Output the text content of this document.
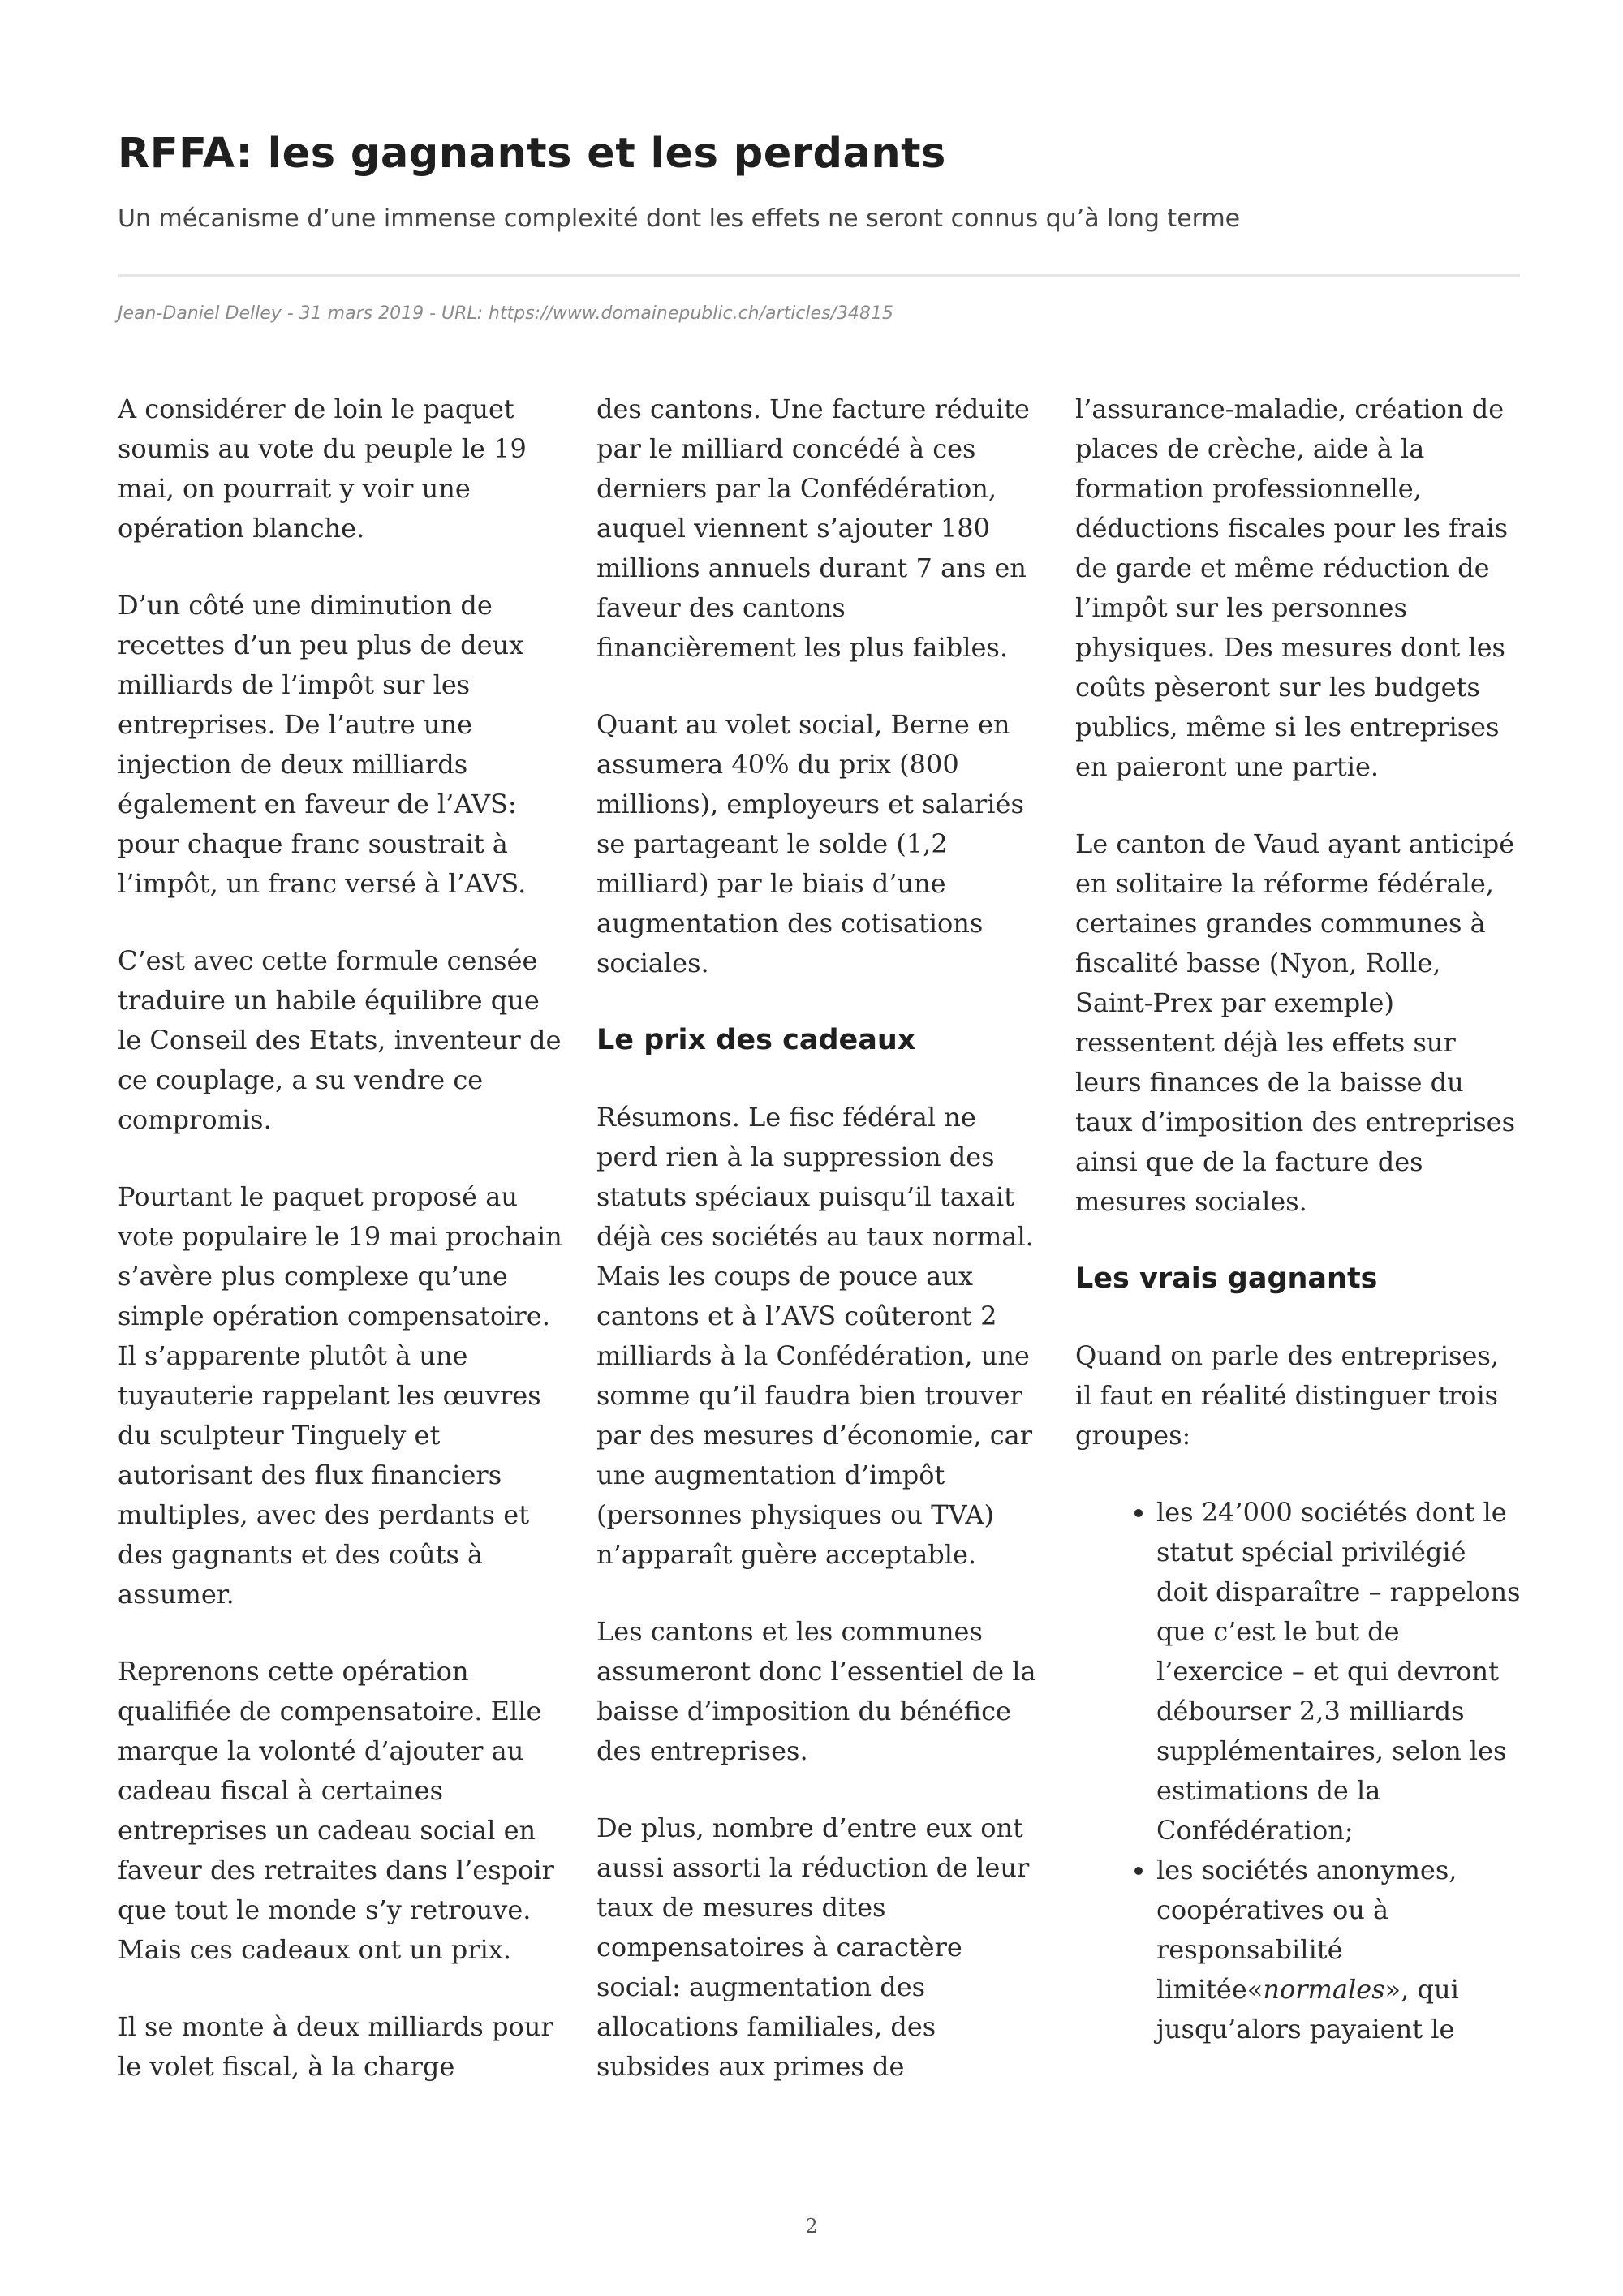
RFFA: les gagnants et les perdants

Un mécanisme d’une immense complexité dont les effets ne seront connus qu’à long terme

Jean-Daniel Delley - 31 mars 2019 - URL: https://www.domainepublic.ch/articles/34815

A considérer de loin le paquet soumis au vote du peuple le 19 mai, on pourrait y voir une opération blanche.

D’un côté une diminution de recettes d’un peu plus de deux milliards de l’impôt sur les entreprises. De l’autre une injection de deux milliards également en faveur de l’AVS: pour chaque franc soustrait à l’impôt, un franc versé à l’AVS.

C’est avec cette formule censée traduire un habile équilibre que le Conseil des Etats, inventeur de ce couplage, a su vendre ce compromis.

Pourtant le paquet proposé au vote populaire le 19 mai prochain s’avère plus complexe qu’une simple opération compensatoire. Il s’apparente plutôt à une tuyauterie rappelant les œuvres du sculpteur Tinguely et autorisant des flux financiers multiples, avec des perdants et des gagnants et des coûts à assumer.

Reprenons cette opération qualifiée de compensatoire. Elle marque la volonté d’ajouter au cadeau fiscal à certaines entreprises un cadeau social en faveur des retraites dans l’espoir que tout le monde s’y retrouve. Mais ces cadeaux ont un prix.

Il se monte à deux milliards pour le volet fiscal, à la charge

des cantons. Une facture réduite par le milliard concédé à ces derniers par la Confédération, auquel viennent s’ajouter 180 millions annuels durant 7 ans en faveur des cantons financièrement les plus faibles.

Quant au volet social, Berne en assumera 40% du prix (800 millions), employeurs et salariés se partageant le solde (1,2 milliard) par le biais d’une augmentation des cotisations sociales.

Le prix des cadeaux

Résumons. Le fisc fédéral ne perd rien à la suppression des statuts spéciaux puisqu’il taxait déjà ces sociétés au taux normal. Mais les coups de pouce aux cantons et à l’AVS coûteront 2 milliards à la Confédération, une somme qu’il faudra bien trouver par des mesures d’économie, car une augmentation d’impôt (personnes physiques ou TVA) n’apparaît guère acceptable.

Les cantons et les communes assumeront donc l’essentiel de la baisse d’imposition du bénéfice des entreprises.

De plus, nombre d’entre eux ont aussi assorti la réduction de leur taux de mesures dites compensatoires à caractère social: augmentation des allocations familiales, des subsides aux primes de

l’assurance-maladie, création de places de crèche, aide à la formation professionnelle, déductions fiscales pour les frais de garde et même réduction de l’impôt sur les personnes physiques. Des mesures dont les coûts pèseront sur les budgets publics, même si les entreprises en paieront une partie.

Le canton de Vaud ayant anticipé en solitaire la réforme fédérale, certaines grandes communes à fiscalité basse (Nyon, Rolle, Saint-Prex par exemple) ressentent déjà les effets sur leurs finances de la baisse du taux d’imposition des entreprises ainsi que de la facture des mesures sociales.

Les vrais gagnants

Quand on parle des entreprises, il faut en réalité distinguer trois groupes:

les 24’000 sociétés dont le statut spécial privilégié doit disparaître – rappelons que c’est le but de l’exercice – et qui devront débourser 2,3 milliards supplémentaires, selon les estimations de la Confédération;
les sociétés anonymes, coopératives ou à responsabilité limitée«normales», qui jusqu’alors payaient le
2
